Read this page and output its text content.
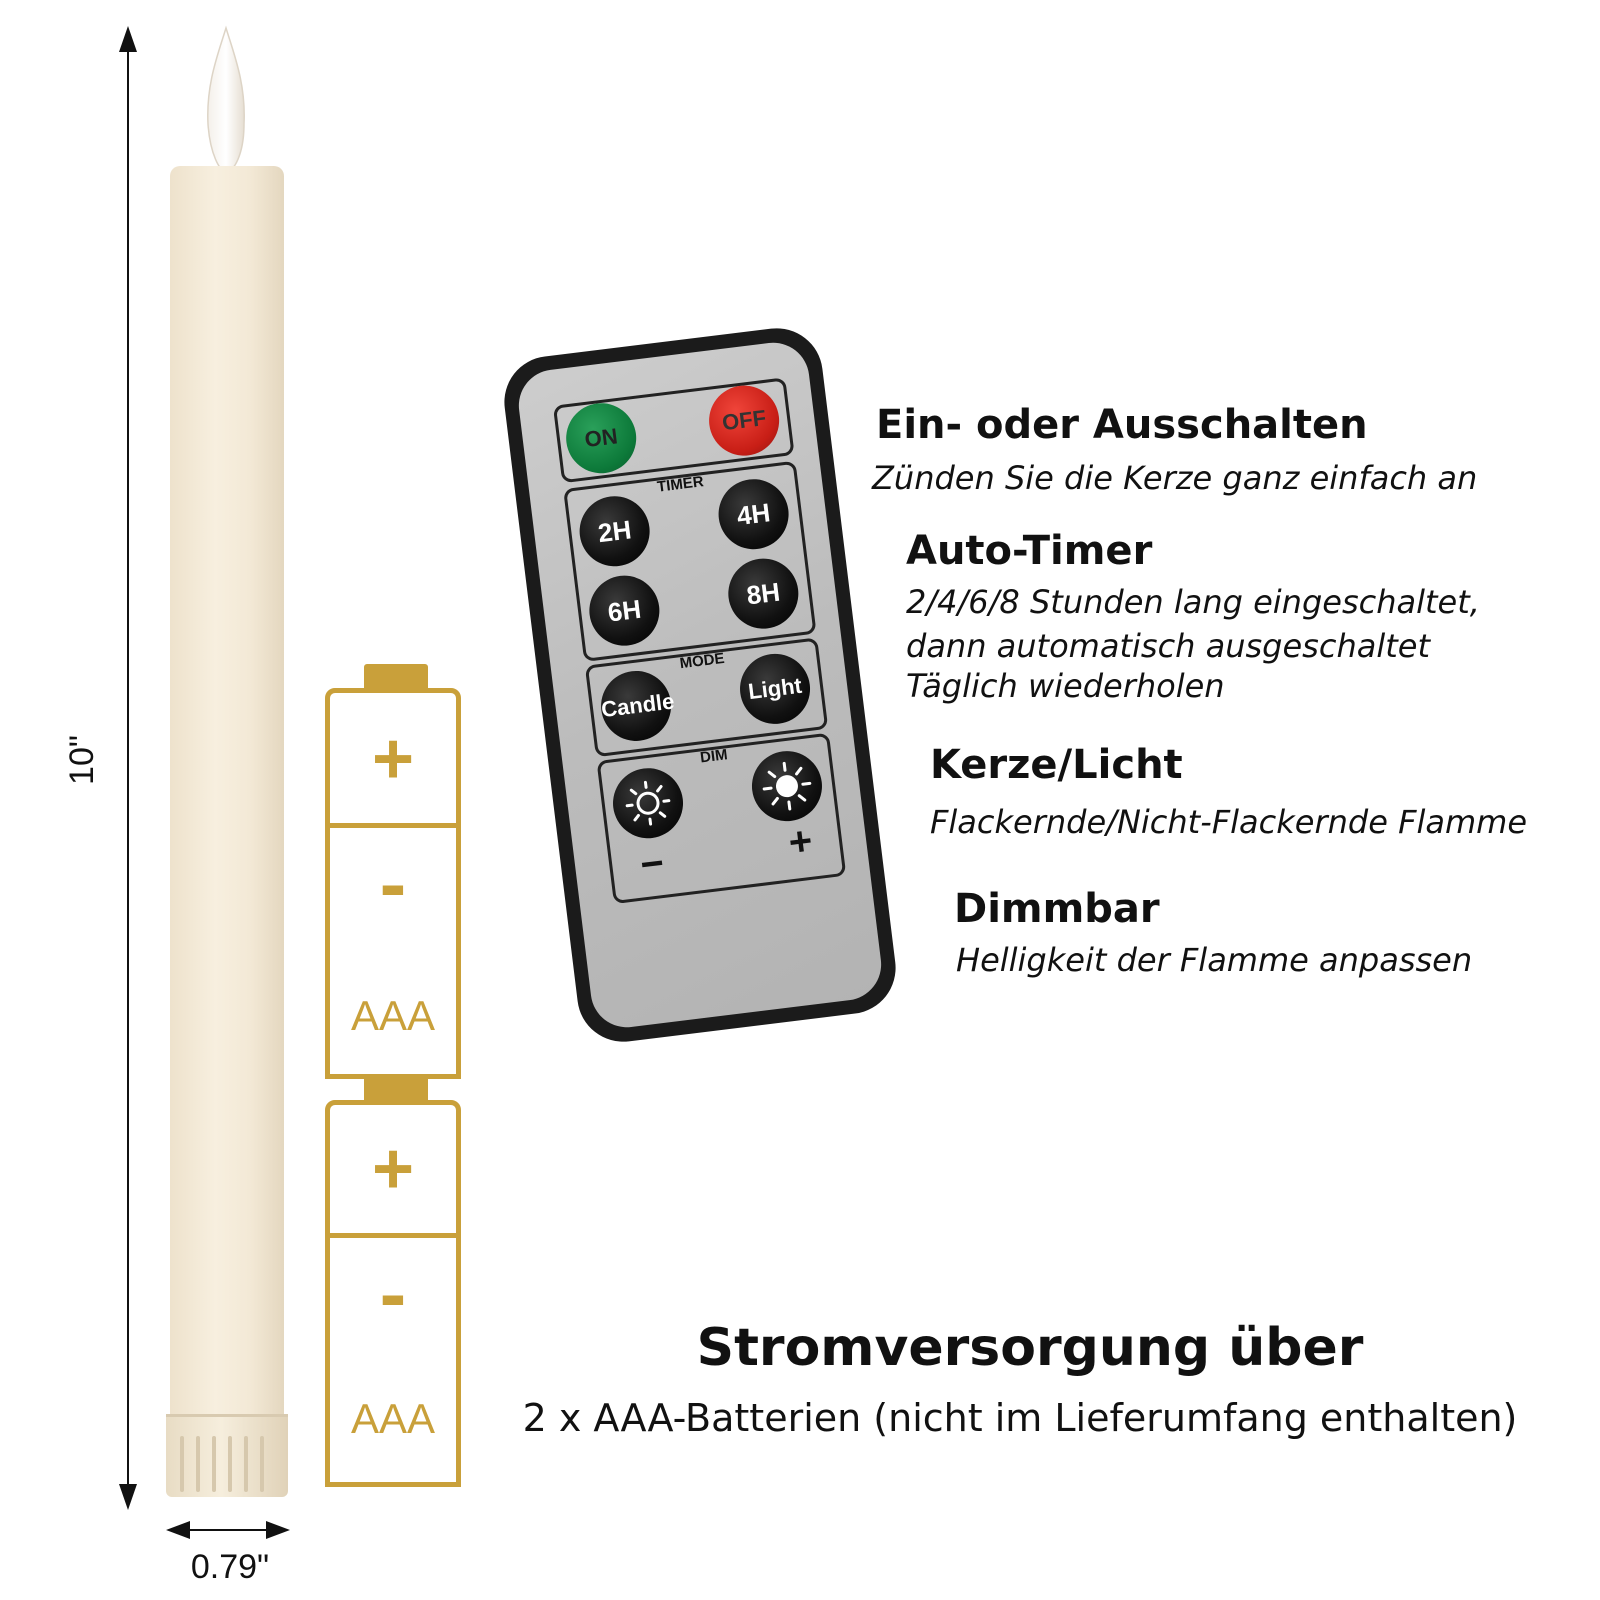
10"
0.79"
+
-
AAA
+
-
AAA
ON
OFF
TIMER
2H
4H
6H
8H
MODE
Candle	Light
DIM
−	+
Ein- oder Ausschalten
Zünden Sie die Kerze ganz einfach an
Auto-Timer
2/4/6/8 Stunden lang eingeschaltet,
dann automatisch ausgeschaltet
Täglich wiederholen
Kerze/Licht
Flackernde/Nicht-Flackernde Flamme
Dimmbar
Helligkeit der Flamme anpassen
Stromversorgung über
2 x AAA-Batterien (nicht im Lieferumfang enthalten)
